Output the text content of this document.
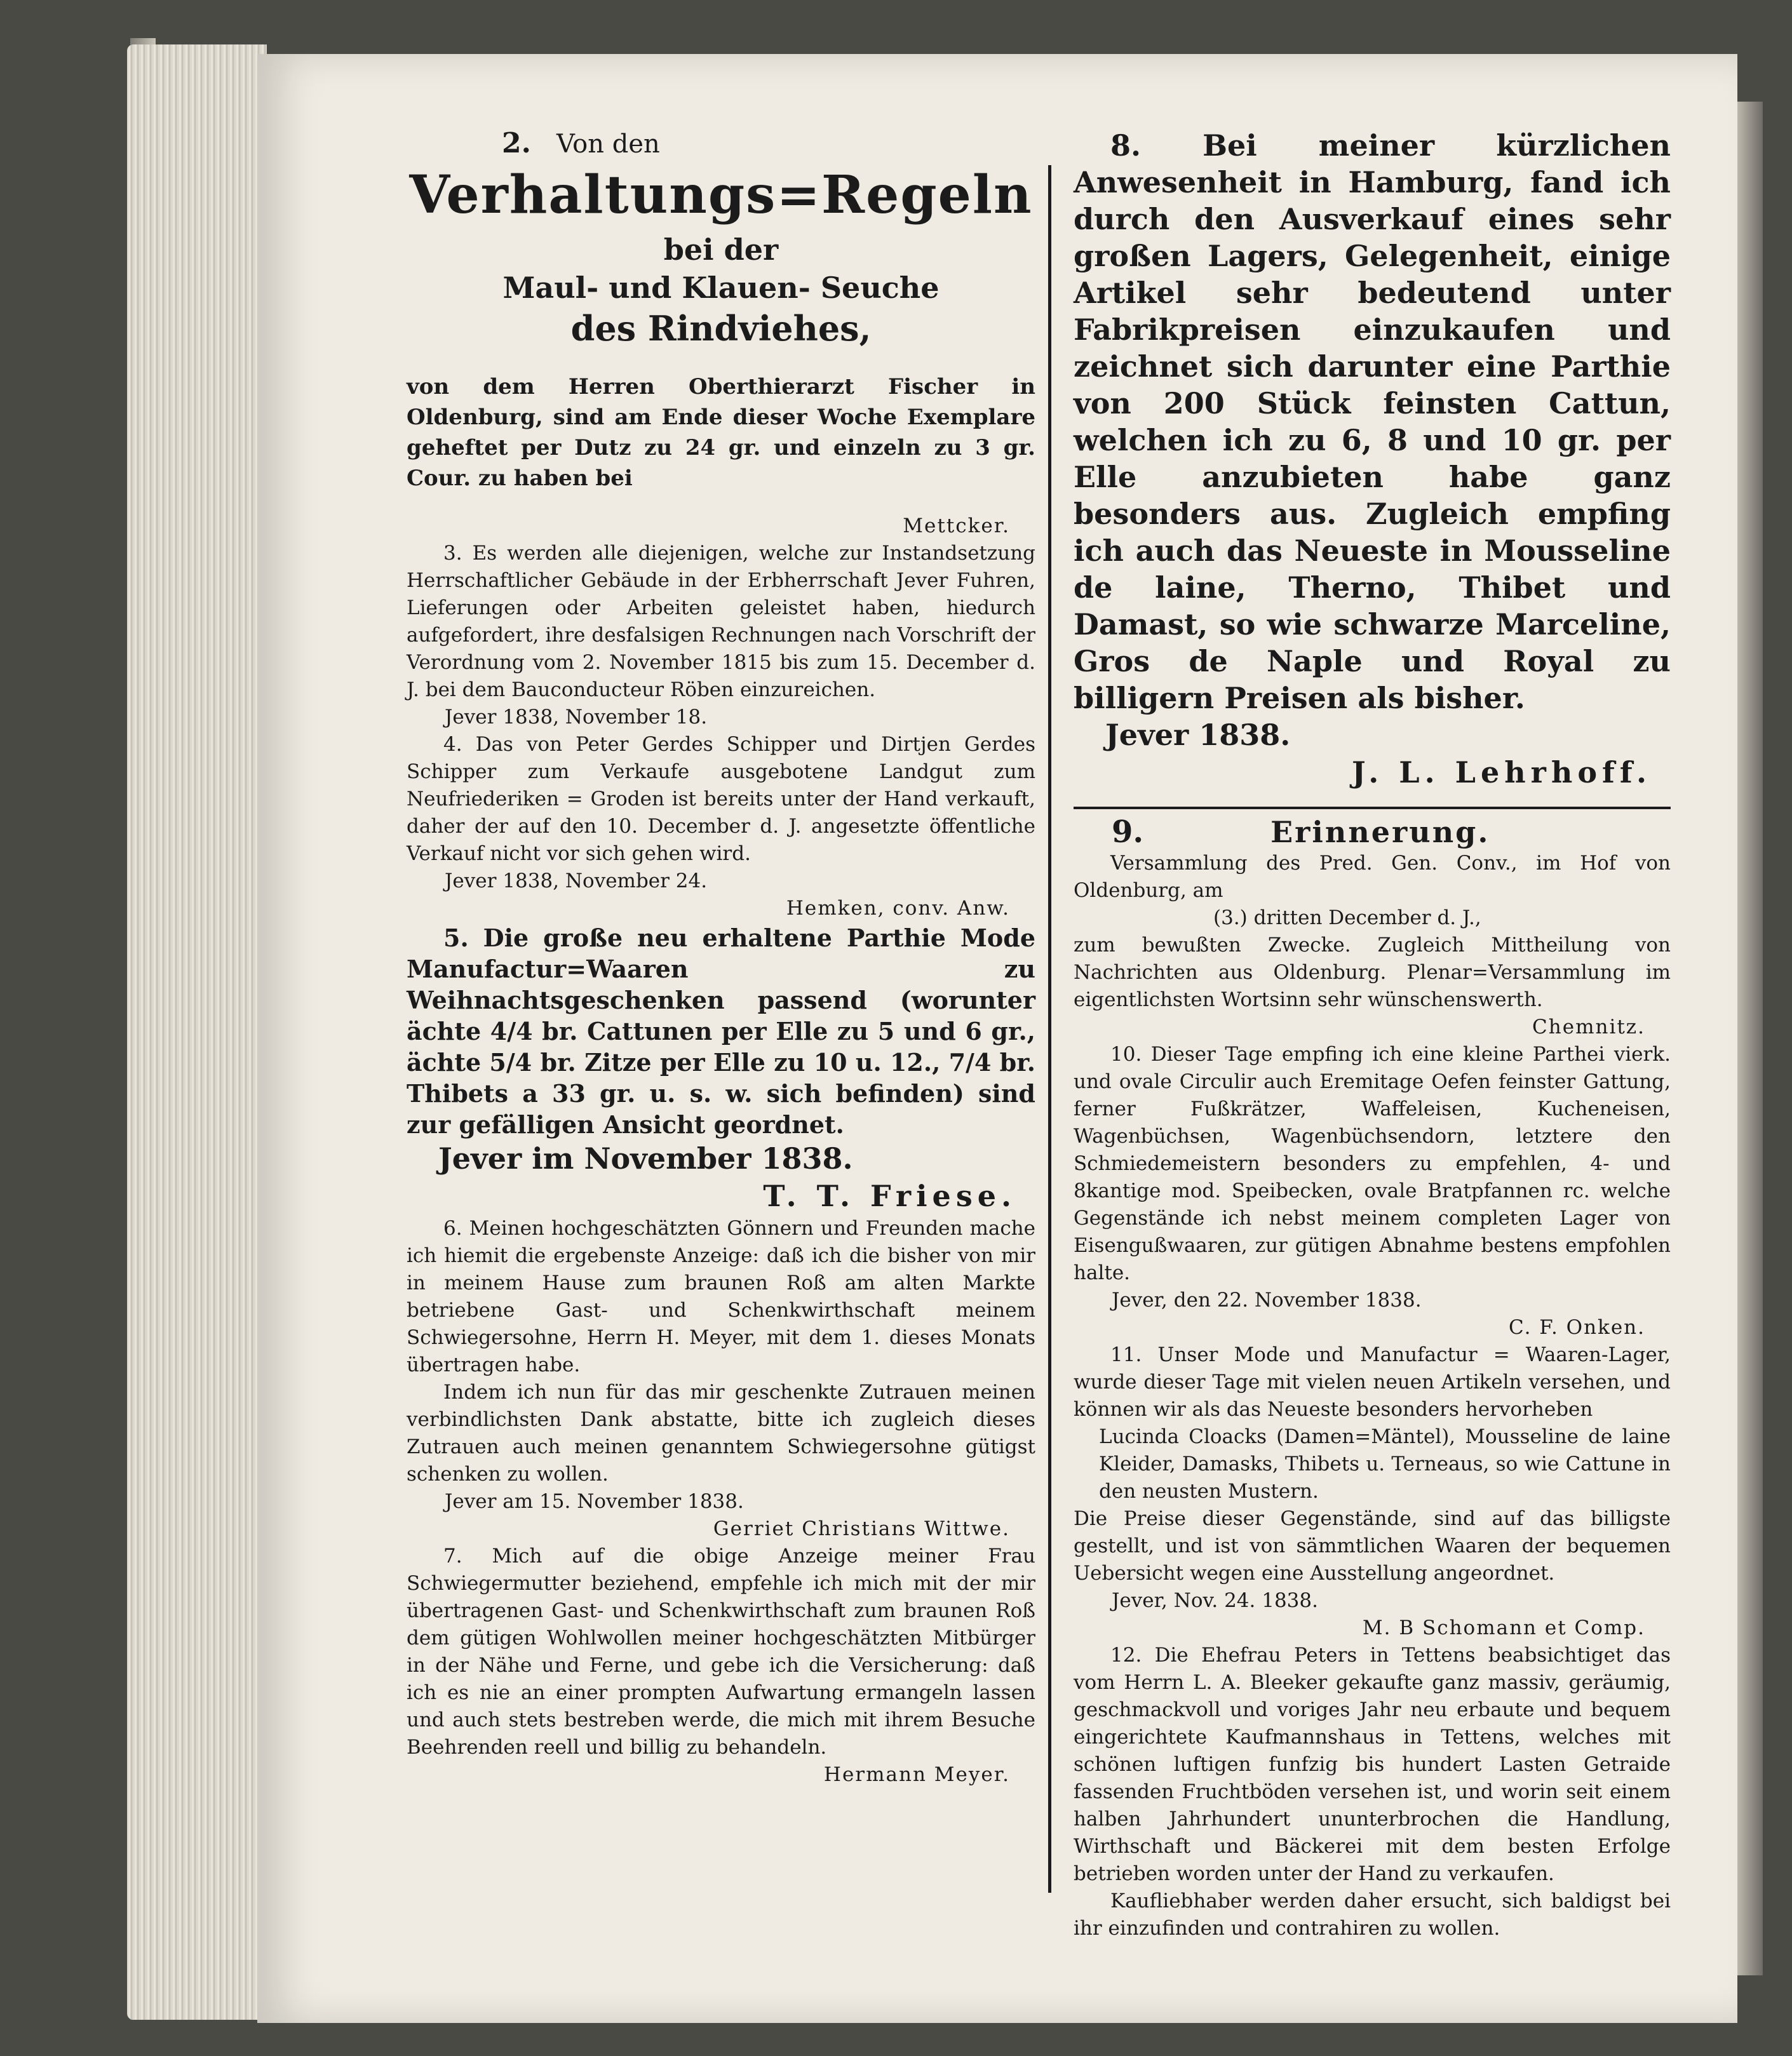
2. Von den
Verhaltungs=Regeln
bei der
Maul- und Klauen- Seuche
des Rindviehes,

von dem Herren Oberthierarzt Fischer in Oldenburg, sind am Ende dieser Woche Exemplare geheftet per Dutz zu 24 gr. und einzeln zu 3 gr. Cour. zu haben bei

Mettcker.

3. Es werden alle diejenigen, welche zur Instandsetzung Herrschaftlicher Gebäude in der Erbherrschaft Jever Fuhren, Lieferungen oder Arbeiten geleistet haben, hiedurch aufgefordert, ihre desfalsigen Rechnungen nach Vorschrift der Verordnung vom 2. November 1815 bis zum 15. December d. J. bei dem Bauconducteur Röben einzureichen.

Jever 1838, November 18.

4. Das von Peter Gerdes Schipper und Dirtjen Gerdes Schipper zum Verkaufe ausgebotene Landgut zum Neufriederiken = Groden ist bereits unter der Hand verkauft, daher der auf den 10. December d. J. angesetzte öffentliche Verkauf nicht vor sich gehen wird.

Jever 1838, November 24.

Hemken, conv. Anw.

5. Die große neu erhaltene Parthie Mode Manufactur=Waaren zu Weihnachtsgeschenken passend (worunter ächte 4/4 br. Cattunen per Elle zu 5 und 6 gr., ächte 5/4 br. Zitze per Elle zu 10 u. 12., 7/4 br. Thibets a 33 gr. u. s. w. sich befinden) sind zur gefälligen Ansicht geordnet.

Jever im November 1838.

T. T. Friese.

6. Meinen hochgeschätzten Gönnern und Freunden mache ich hiemit die ergebenste Anzeige: daß ich die bisher von mir in meinem Hause zum braunen Roß am alten Markte betriebene Gast- und Schenkwirthschaft meinem Schwiegersohne, Herrn H. Meyer, mit dem 1. dieses Monats übertragen habe.

Indem ich nun für das mir geschenkte Zutrauen meinen verbindlichsten Dank abstatte, bitte ich zugleich dieses Zutrauen auch meinen genanntem Schwiegersohne gütigst schenken zu wollen.

Jever am 15. November 1838.

Gerriet Christians Wittwe.

7. Mich auf die obige Anzeige meiner Frau Schwiegermutter beziehend, empfehle ich mich mit der mir übertragenen Gast- und Schenkwirthschaft zum braunen Roß dem gütigen Wohlwollen meiner hochgeschätzten Mitbürger in der Nähe und Ferne, und gebe ich die Versicherung: daß ich es nie an einer prompten Aufwartung ermangeln lassen und auch stets bestreben werde, die mich mit ihrem Besuche Beehrenden reell und billig zu behandeln.

Hermann Meyer.

8. Bei meiner kürzlichen Anwesenheit in Hamburg, fand ich durch den Ausverkauf eines sehr großen Lagers, Gelegenheit, einige Artikel sehr bedeutend unter Fabrikpreisen einzukaufen und zeichnet sich darunter eine Parthie von 200 Stück feinsten Cattun, welchen ich zu 6, 8 und 10 gr. per Elle anzubieten habe ganz besonders aus. Zugleich empfing ich auch das Neueste in Mousseline de laine, Therno, Thibet und Damast, so wie schwarze Marceline, Gros de Naple und Royal zu billigern Preisen als bisher.

Jever 1838.

J. L. Lehrhoff.

9.	Erinnerung.

Versammlung des Pred. Gen. Conv., im Hof von Oldenburg, am

(3.) dritten December d. J.,

zum bewußten Zwecke. Zugleich Mittheilung von Nachrichten aus Oldenburg. Plenar=Versammlung im eigentlichsten Wortsinn sehr wünschenswerth.

Chemnitz.

10. Dieser Tage empfing ich eine kleine Parthei vierk. und ovale Circulir auch Eremitage Oefen feinster Gattung, ferner Fußkrätzer, Waffeleisen, Kucheneisen, Wagenbüchsen, Wagenbüchsendorn, letztere den Schmiedemeistern besonders zu empfehlen, 4- und 8kantige mod. Speibecken, ovale Bratpfannen rc. welche Gegenstände ich nebst meinem completen Lager von Eisengußwaaren, zur gütigen Abnahme bestens empfohlen halte.

Jever, den 22. November 1838.

C. F. Onken.

11. Unser Mode und Manufactur = Waaren-Lager, wurde dieser Tage mit vielen neuen Artikeln versehen, und können wir als das Neueste besonders hervorheben

Lucinda Cloacks (Damen=Mäntel), Mousseline de laine Kleider, Damasks, Thibets u. Terneaus, so wie Cattune in den neusten Mustern.

Die Preise dieser Gegenstände, sind auf das billigste gestellt, und ist von sämmtlichen Waaren der bequemen Uebersicht wegen eine Ausstellung angeordnet.

Jever, Nov. 24. 1838.

M. B Schomann et Comp.

12. Die Ehefrau Peters in Tettens beabsichtiget das vom Herrn L. A. Bleeker gekaufte ganz massiv, geräumig, geschmackvoll und voriges Jahr neu erbaute und bequem eingerichtete Kaufmannshaus in Tettens, welches mit schönen luftigen funfzig bis hundert Lasten Getraide fassenden Fruchtböden versehen ist, und worin seit einem halben Jahrhundert ununterbrochen die Handlung, Wirthschaft und Bäckerei mit dem besten Erfolge betrieben worden unter der Hand zu verkaufen.

Kaufliebhaber werden daher ersucht, sich baldigst bei ihr einzufinden und contrahiren zu wollen.
